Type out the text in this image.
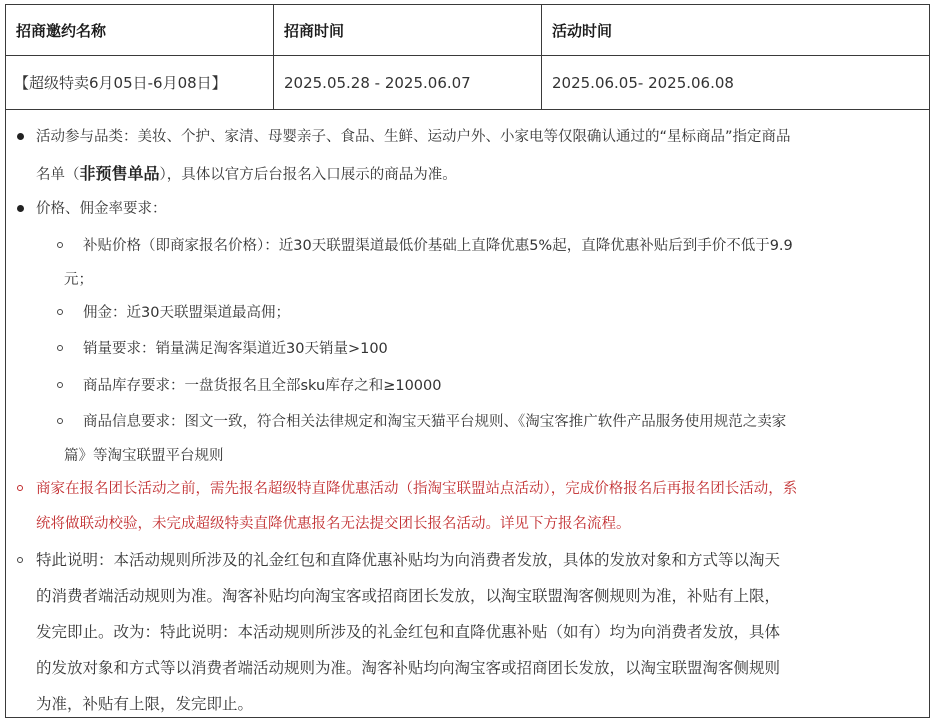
招商邀约名称	招商时间	活动时间
【超级特卖6月05日-6月08日】	2025.05.28 - 2025.06.07	2025.06.05- 2025.06.08
活动参与品类：美妆、个护、家清、母婴亲子、食品、生鲜、运动户外、小家电等仅限确认通过的“星标商品”指定商品
名单（非预售单品），具体以官方后台报名入口展示的商品为准。
价格、佣金率要求：
补贴价格（即商家报名价格）：近30天联盟渠道最低价基础上直降优惠5%起，直降优惠补贴后到手价不低于9.9
元；
佣金：近30天联盟渠道最高佣；
销量要求：销量满足淘客渠道近30天销量>100
商品库存要求：一盘货报名且全部sku库存之和≥10000
商品信息要求：图文一致，符合相关法律规定和淘宝天猫平台规则、《淘宝客推广软件产品服务使用规范之卖家
篇》等淘宝联盟平台规则
商家在报名团长活动之前，需先报名超级特直降优惠活动（指淘宝联盟站点活动），完成价格报名后再报名团长活动，系
统将做联动校验，未完成超级特卖直降优惠报名无法提交团长报名活动。详见下方报名流程。
特此说明：本活动规则所涉及的礼金红包和直降优惠补贴均为向消费者发放，具体的发放对象和方式等以淘天
的消费者端活动规则为准。淘客补贴均向淘宝客或招商团长发放，以淘宝联盟淘客侧规则为准，补贴有上限，
发完即止。改为：特此说明：本活动规则所涉及的礼金红包和直降优惠补贴（如有）均为向消费者发放，具体
的发放对象和方式等以消费者端活动规则为准。淘客补贴均向淘宝客或招商团长发放，以淘宝联盟淘客侧规则
为准，补贴有上限，发完即止。
